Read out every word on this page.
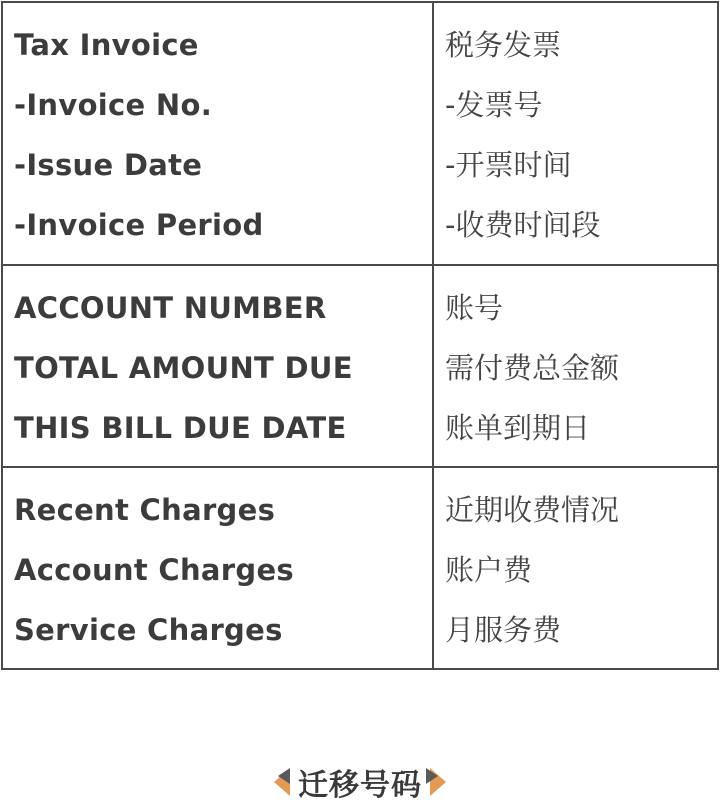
Tax Invoice
-Invoice No.
-Issue Date
-Invoice Period
税务发票
-发票号
-开票时间
-收费时间段
ACCOUNT NUMBER
TOTAL AMOUNT DUE
THIS BILL DUE DATE
账号
需付费总金额
账单到期日
Recent Charges
Account Charges
Service Charges
近期收费情况
账户费
月服务费
迁移号码
